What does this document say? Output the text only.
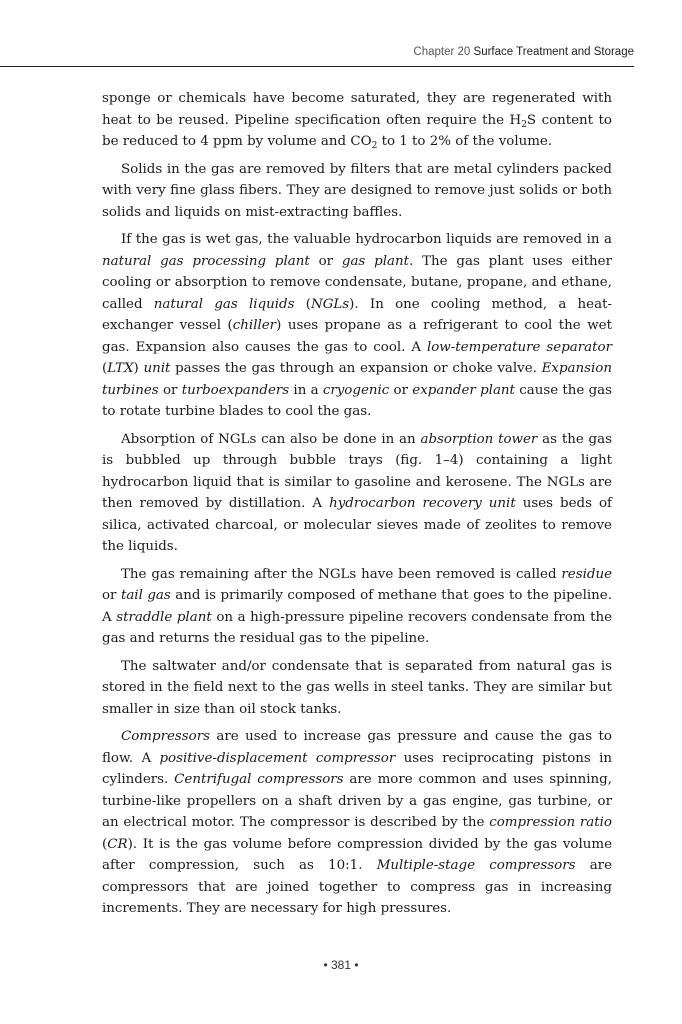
Chapter 20 Surface Treatment and Storage

sponge or chemicals have become saturated, they are regenerated with heat to be reused. Pipeline specification often require the $H_2S$ content to be reduced to 4 ppm by volume and $CO_2$ to 1 to 2% of the volume.

Solids in the gas are removed by filters that are metal cylinders packed with very fine glass fibers. They are designed to remove just solids or both solids and liquids on mist-extracting baffles.

If the gas is wet gas, the valuable hydrocarbon liquids are removed in a natural gas processing plant or gas plant. The gas plant uses either cooling or absorption to remove condensate, butane, propane, and ethane, called natural gas liquids (NGLs). In one cooling method, a heat-exchanger vessel (chiller) uses propane as a refrigerant to cool the wet gas. Expansion also causes the gas to cool. A low-temperature separator (LTX) unit passes the gas through an expansion or choke valve. Expansion turbines or turboexpanders in a cryogenic or expander plant cause the gas to rotate turbine blades to cool the gas.

Absorption of NGLs can also be done in an absorption tower as the gas is bubbled up through bubble trays (fig. 1–4) containing a light hydrocarbon liquid that is similar to gasoline and kerosene. The NGLs are then removed by distillation. A hydrocarbon recovery unit uses beds of silica, activated charcoal, or molecular sieves made of zeolites to remove the liquids.

The gas remaining after the NGLs have been removed is called residue or tail gas and is primarily composed of methane that goes to the pipeline. A straddle plant on a high-pressure pipeline recovers condensate from the gas and returns the residual gas to the pipeline.

The saltwater and/or condensate that is separated from natural gas is stored in the field next to the gas wells in steel tanks. They are similar but smaller in size than oil stock tanks.

Compressors are used to increase gas pressure and cause the gas to flow. A positive-displacement compressor uses reciprocating pistons in cylinders. Centrifugal compressors are more common and uses spinning, turbine-like propellers on a shaft driven by a gas engine, gas turbine, or an electrical motor. The compressor is described by the compression ratio (CR). It is the gas volume before compression divided by the gas volume after compression, such as 10:1. Multiple-stage compressors are compressors that are joined together to compress gas in increasing increments. They are necessary for high pressures.

• 381 •
